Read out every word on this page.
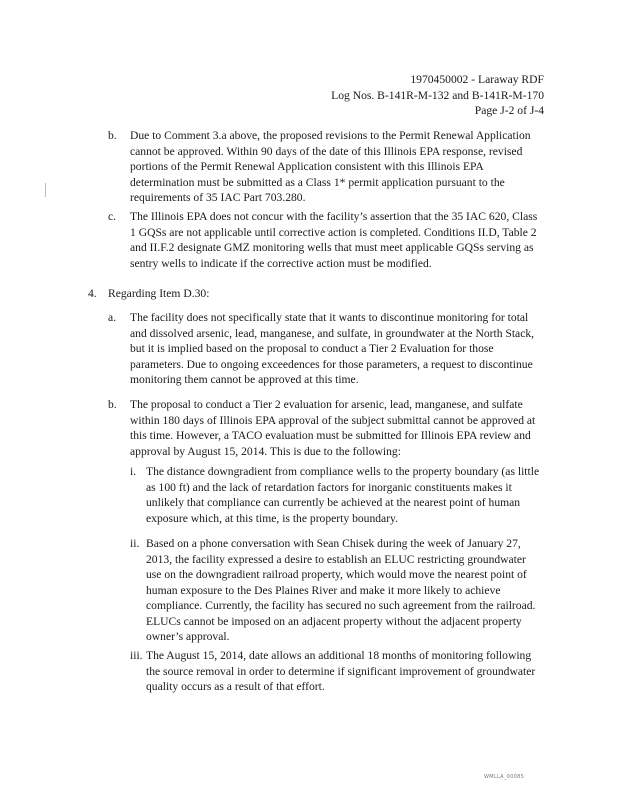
1970450002 - Laraway RDF
Log Nos. B-141R-M-132 and B-141R-M-170
Page J-2 of J-4
b.	Due to Comment 3.a above, the proposed revisions to the Permit Renewal Application cannot be approved. Within 90 days of the date of this Illinois EPA response, revised portions of the Permit Renewal Application consistent with this Illinois EPA determination must be submitted as a Class 1* permit application pursuant to the requirements of 35 IAC Part 703.280.
c.	The Illinois EPA does not concur with the facility’s assertion that the 35 IAC 620, Class 1 GQSs are not applicable until corrective action is completed. Conditions II.D, Table 2 and II.F.2 designate GMZ monitoring wells that must meet applicable GQSs serving as sentry wells to indicate if the corrective action must be modified.
4. Regarding Item D.30:
a.	The facility does not specifically state that it wants to discontinue monitoring for total and dissolved arsenic, lead, manganese, and sulfate, in groundwater at the North Stack, but it is implied based on the proposal to conduct a Tier 2 Evaluation for those parameters. Due to ongoing exceedences for those parameters, a request to discontinue monitoring them cannot be approved at this time.
b.	The proposal to conduct a Tier 2 evaluation for arsenic, lead, manganese, and sulfate within 180 days of Illinois EPA approval of the subject submittal cannot be approved at this time. However, a TACO evaluation must be submitted for Illinois EPA review and approval by August 15, 2014. This is due to the following:
i. The distance downgradient from compliance wells to the property boundary (as little as 100 ft) and the lack of retardation factors for inorganic constituents makes it unlikely that compliance can currently be achieved at the nearest point of human exposure which, at this time, is the property boundary.
ii. Based on a phone conversation with Sean Chisek during the week of January 27, 2013, the facility expressed a desire to establish an ELUC restricting groundwater use on the downgradient railroad property, which would move the nearest point of human exposure to the Des Plaines River and make it more likely to achieve compliance. Currently, the facility has secured no such agreement from the railroad. ELUCs cannot be imposed on an adjacent property without the adjacent property owner’s approval.
iii. The August 15, 2014, date allows an additional 18 months of monitoring following the source removal in order to determine if significant improvement of groundwater quality occurs as a result of that effort.
WMLLA_00085
